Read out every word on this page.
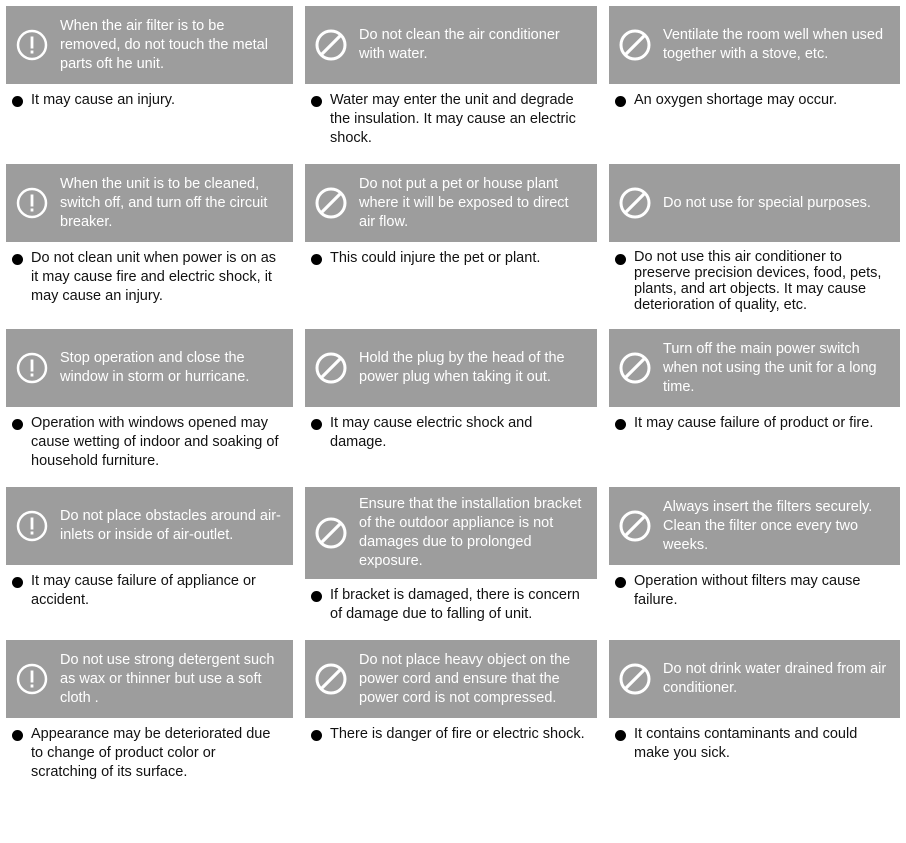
When the air filter is to be removed, do not touch the metal parts oft he unit.
It may cause an injury.
Do not clean the air conditioner with water.
Water may enter the unit and degrade the insulation. It may cause an electric shock.
Ventilate the room well when used together with a stove, etc.
An oxygen shortage may occur.
When the unit is to be cleaned, switch off, and turn off the circuit breaker.
Do not clean unit when power is on as it may cause fire and electric shock, it may cause an injury.
Do not put a pet or house plant where it will be exposed to direct air flow.
This could injure the pet or plant.
Do not use for special purposes.
Do not use this air conditioner to preserve precision devices, food, pets, plants, and art objects. It may cause deterioration of quality, etc.
Stop operation and close the window in storm or hurricane.
Operation with windows opened may cause wetting of indoor and soaking of household furniture.
Hold the plug by the head of the power plug when taking it out.
It may cause electric shock and damage.
Turn off the main power switch when not using the unit for a long time.
It may cause failure of product or fire.
Do not place obstacles around air-inlets or inside of air-outlet.
It may cause failure of appliance or accident.
Ensure that the installation bracket of the outdoor appliance is not damages due to prolonged exposure.
If bracket is damaged, there is concern of damage due to falling of unit.
Always insert the filters securely. Clean the filter once every two weeks.
Operation without filters may cause failure.
Do not use strong detergent such as wax or thinner but use a soft cloth .
Appearance may be deteriorated due to change of product color or scratching of its surface.
Do not place heavy object on the power cord and ensure that the power cord is not compressed.
There is danger of fire or electric shock.
Do not drink water drained from air conditioner.
It contains contaminants and could make you sick.
